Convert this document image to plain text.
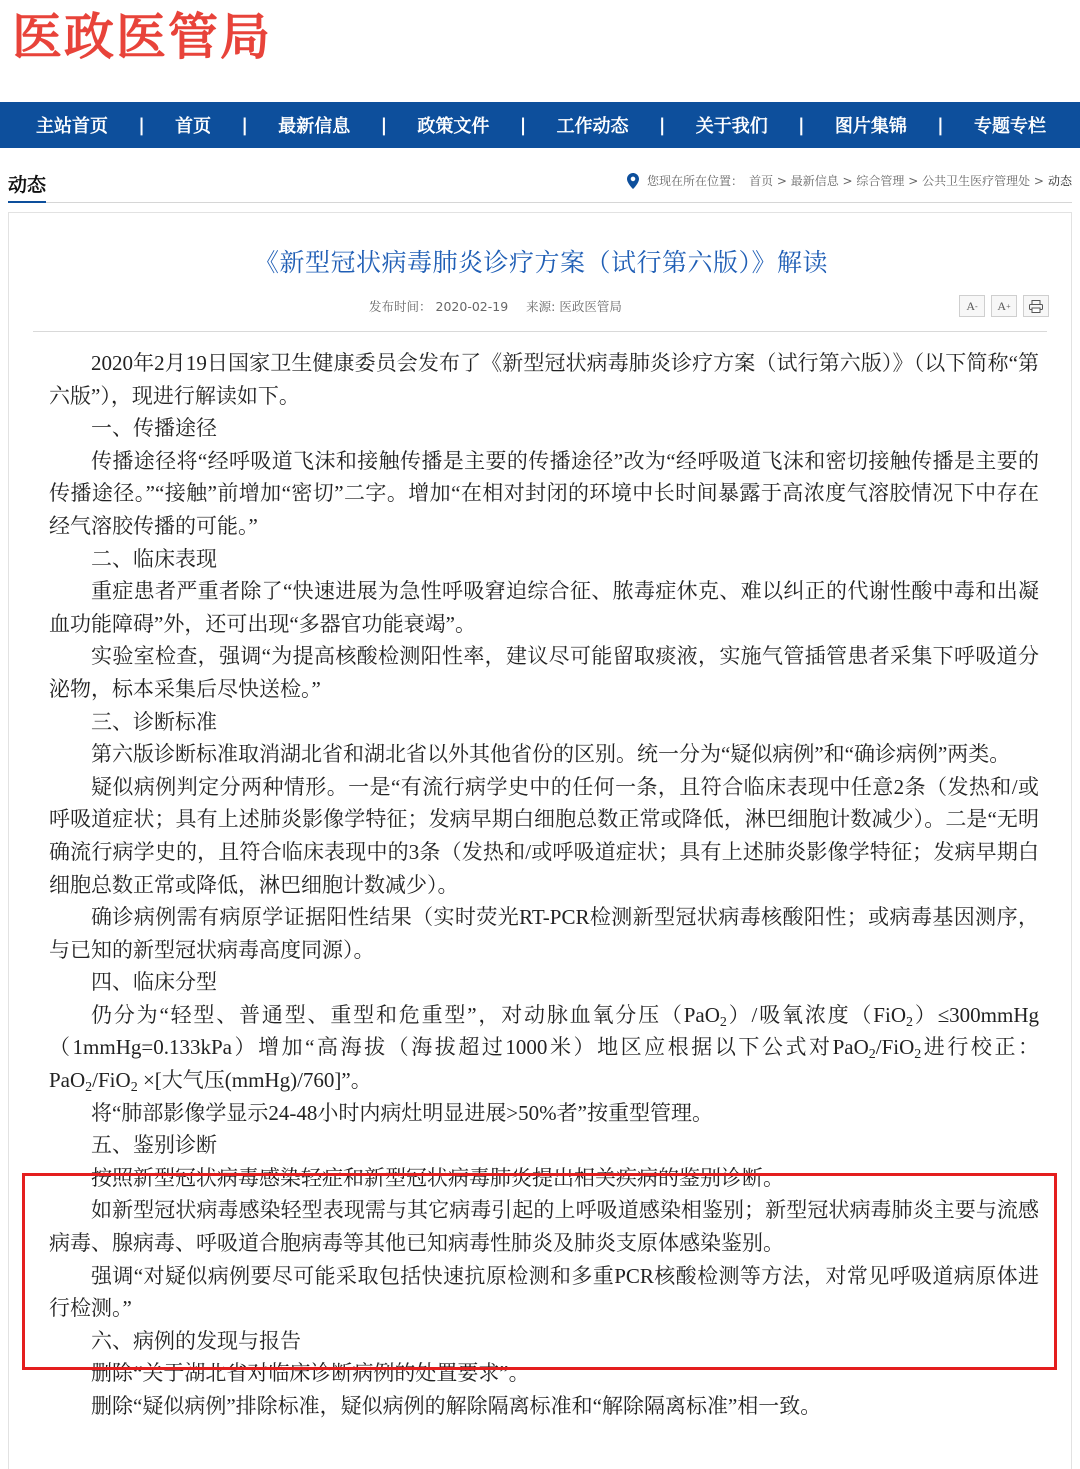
医政医管局
主站首页 | 首页 | 最新信息 | 政策文件 | 工作动态 | 关于我们 | 图片集锦 | 专题专栏
动态	您现在所在位置： 首页 > 最新信息 > 综合管理 > 公共卫生医疗管理处 > 动态
《新型冠状病毒肺炎诊疗方案（试行第六版）》解读
发布时间： 2020-02-19 来源: 医政医管局	A - A +

2020年2月19日国家卫生健康委员会发布了《新型冠状病毒肺炎诊疗方案（试行第六版）》（以下简称“第六版”），现进行解读如下。

一、传播途径

传播途径将“经呼吸道飞沫和接触传播是主要的传播途径”改为“经呼吸道飞沫和密切接触传播是主要的传播途径。”“接触”前增加“密切”二字。增加“在相对封闭的环境中长时间暴露于高浓度气溶胶情况下中存在经气溶胶传播的可能。”

二、临床表现

重症患者严重者除了“快速进展为急性呼吸窘迫综合征、脓毒症休克、难以纠正的代谢性酸中毒和出凝血功能障碍”外，还可出现“多器官功能衰竭”。

实验室检查，强调“为提高核酸检测阳性率，建议尽可能留取痰液，实施气管插管患者采集下呼吸道分泌物，标本采集后尽快送检。”

三、诊断标准

第六版诊断标准取消湖北省和湖北省以外其他省份的区别。统一分为“疑似病例”和“确诊病例”两类。

疑似病例判定分两种情形。一是“有流行病学史中的任何一条，且符合临床表现中任意2条（发热和/或呼吸道症状；具有上述肺炎影像学特征；发病早期白细胞总数正常或降低，淋巴细胞计数减少）。二是“无明确流行病学史的，且符合临床表现中的3条（发热和/或呼吸道症状；具有上述肺炎影像学特征；发病早期白细胞总数正常或降低，淋巴细胞计数减少）。

确诊病例需有病原学证据阳性结果（实时荧光RT-PCR检测新型冠状病毒核酸阳性；或病毒基因测序，与已知的新型冠状病毒高度同源）。

四、临床分型

仍分为“轻型、普通型、重型和危重型”，对动脉血氧分压（PaO$_2$）/吸氧浓度（FiO$_2$）≤300mmHg（1mmHg=0.133kPa）增加“高海拔（海拔超过1000米）地区应根据以下公式对PaO$_2$/FiO$_2$进行校正：PaO$_2$/FiO$_2$ ×[大气压(mmHg)/760]”。

将“肺部影像学显示24-48小时内病灶明显进展>50%者”按重型管理。

五、鉴别诊断

按照新型冠状病毒感染轻症和新型冠状病毒肺炎提出相关疾病的鉴别诊断。

如新型冠状病毒感染轻型表现需与其它病毒引起的上呼吸道感染相鉴别；新型冠状病毒肺炎主要与流感病毒、腺病毒、呼吸道合胞病毒等其他已知病毒性肺炎及肺炎支原体感染鉴别。

强调“对疑似病例要尽可能采取包括快速抗原检测和多重PCR核酸检测等方法，对常见呼吸道病原体进行检测。”

六、病例的发现与报告

删除“关于湖北省对临床诊断病例的处置要求”。

删除“疑似病例”排除标准，疑似病例的解除隔离标准和“解除隔离标准”相一致。
